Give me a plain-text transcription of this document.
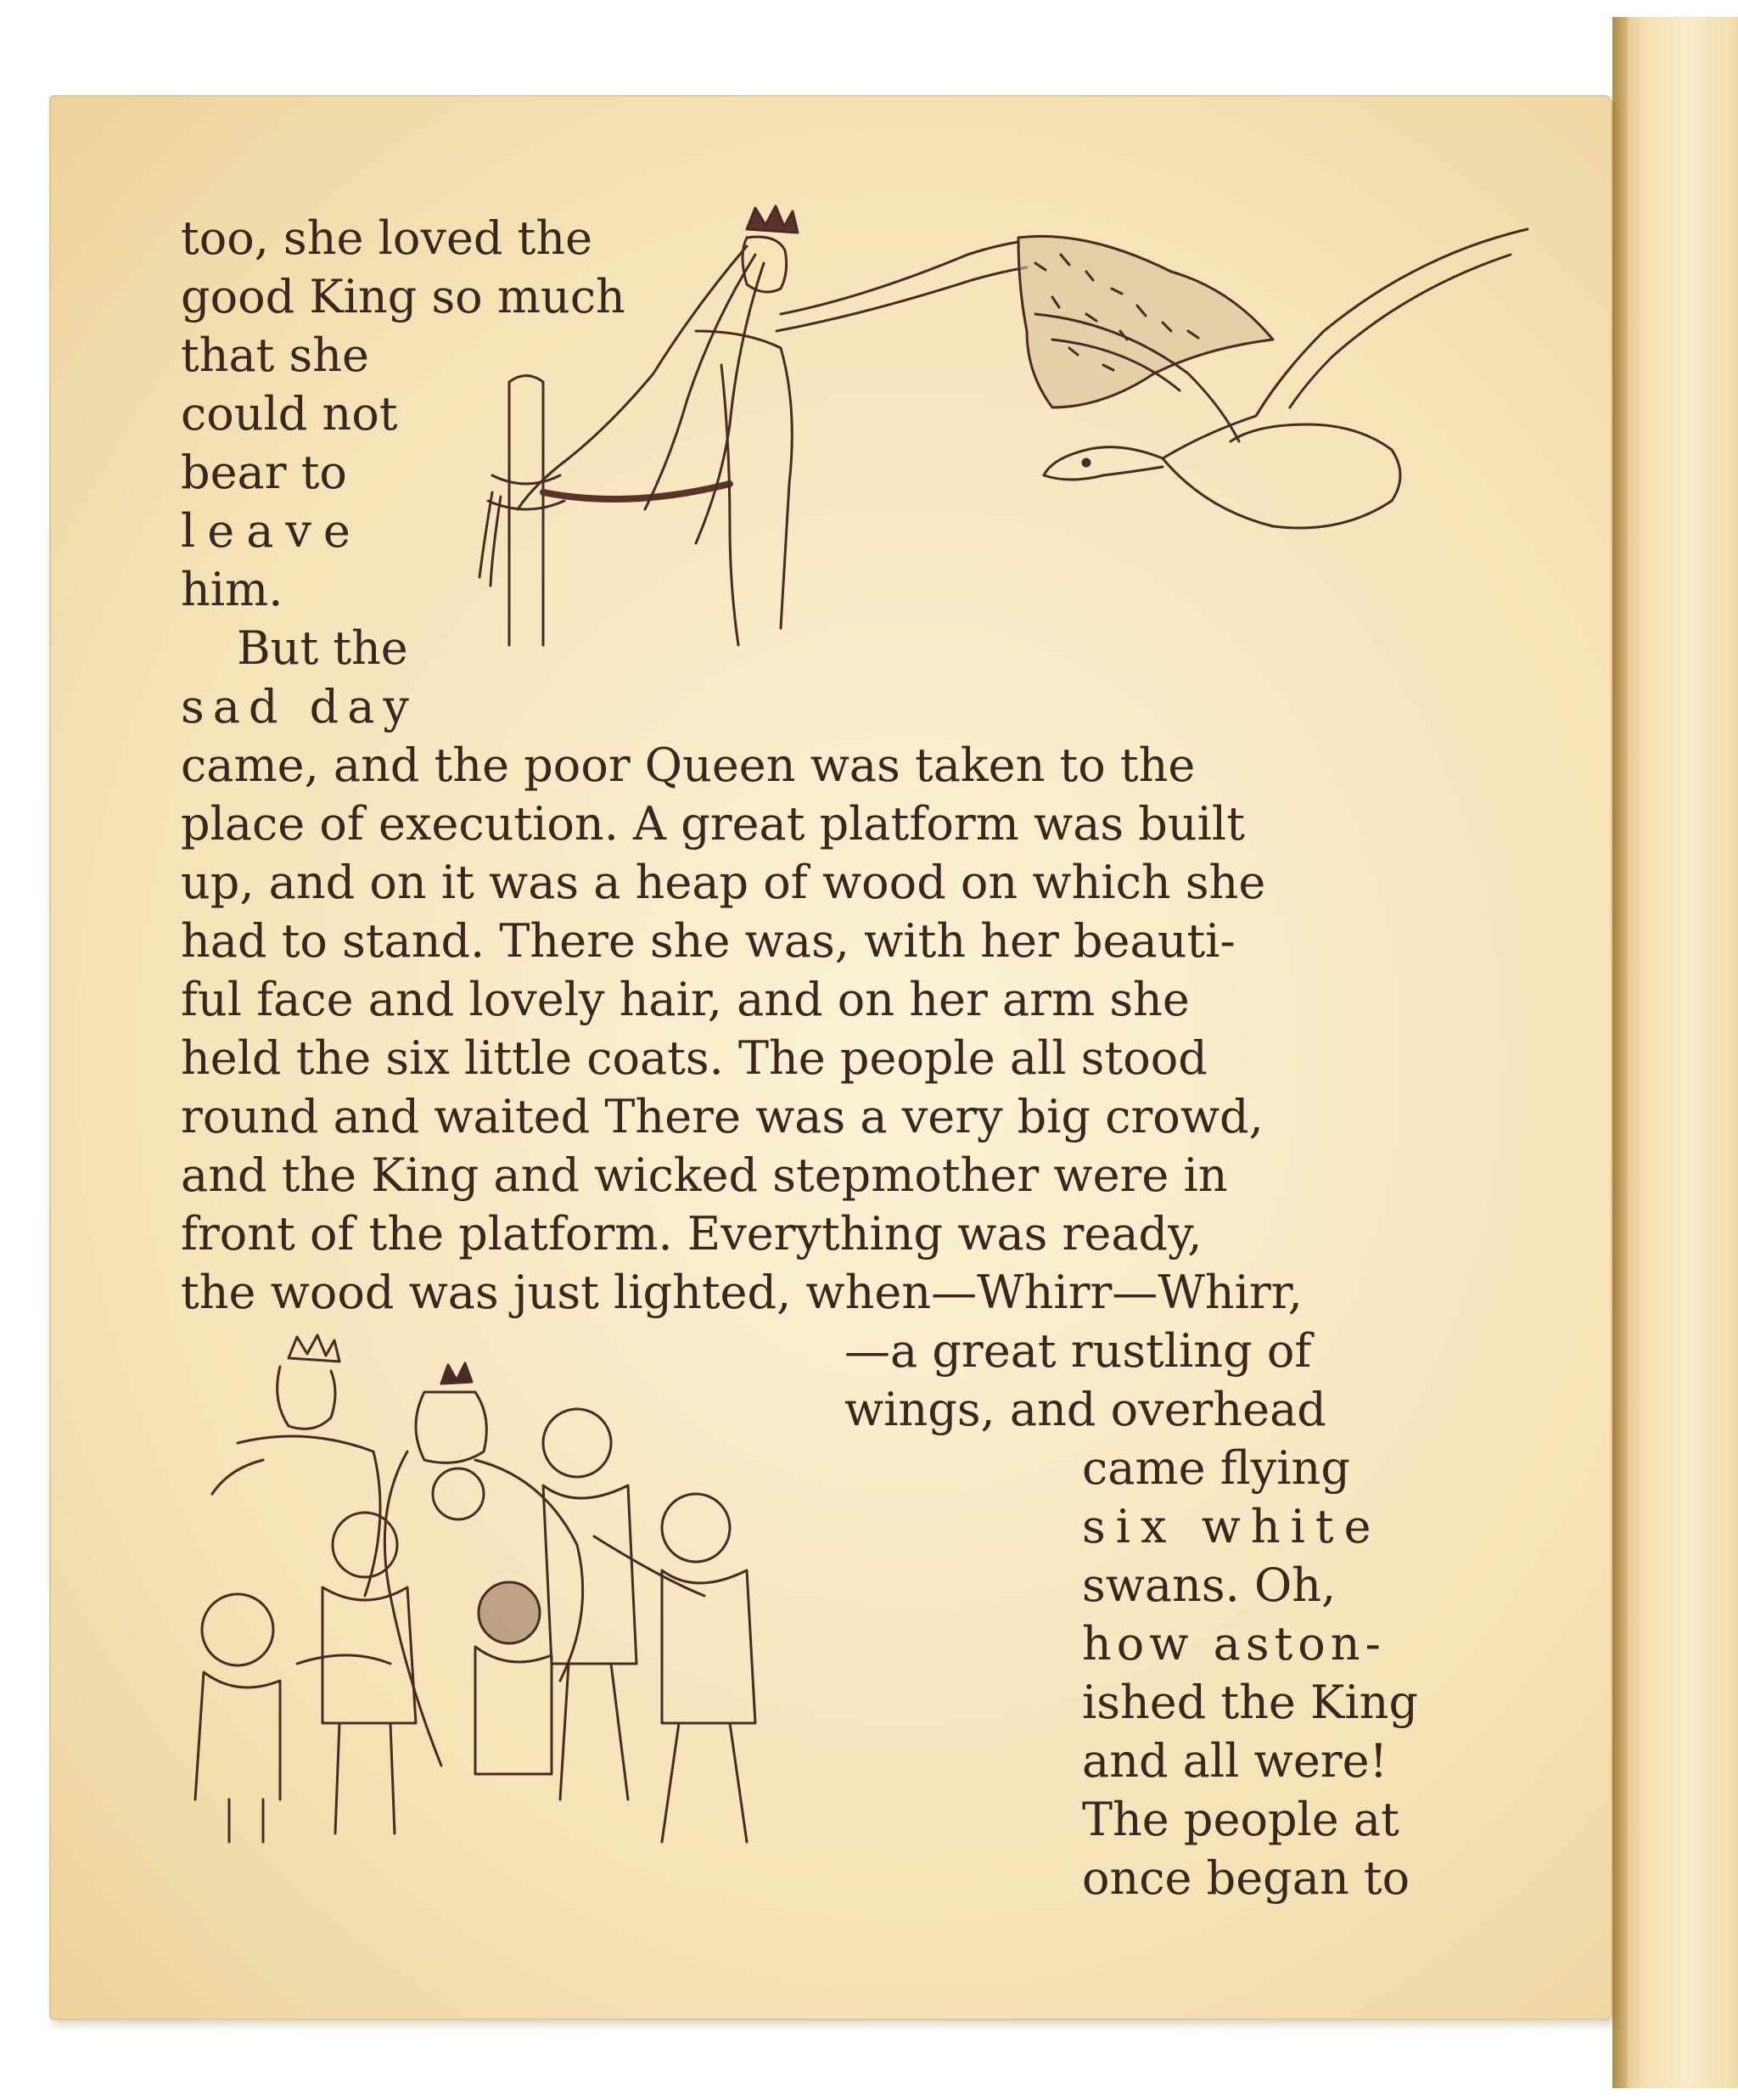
too, she loved the
good King so much
that she
could not
bear to
leave
him.
But the
sad day
came, and the poor Queen was taken to the
place of execution. A great platform was built
up, and on it was a heap of wood on which she
had to stand. There she was, with her beauti-
ful face and lovely hair, and on her arm she
held the six little coats. The people all stood
round and waited There was a very big crowd,
and the King and wicked stepmother were in
front of the platform. Everything was ready,
the wood was just lighted, when—Whirr—Whirr,
—a great rustling of
wings, and overhead
came flying
six white
swans. Oh,
how aston-
ished the King
and all were!
The people at
once began to
